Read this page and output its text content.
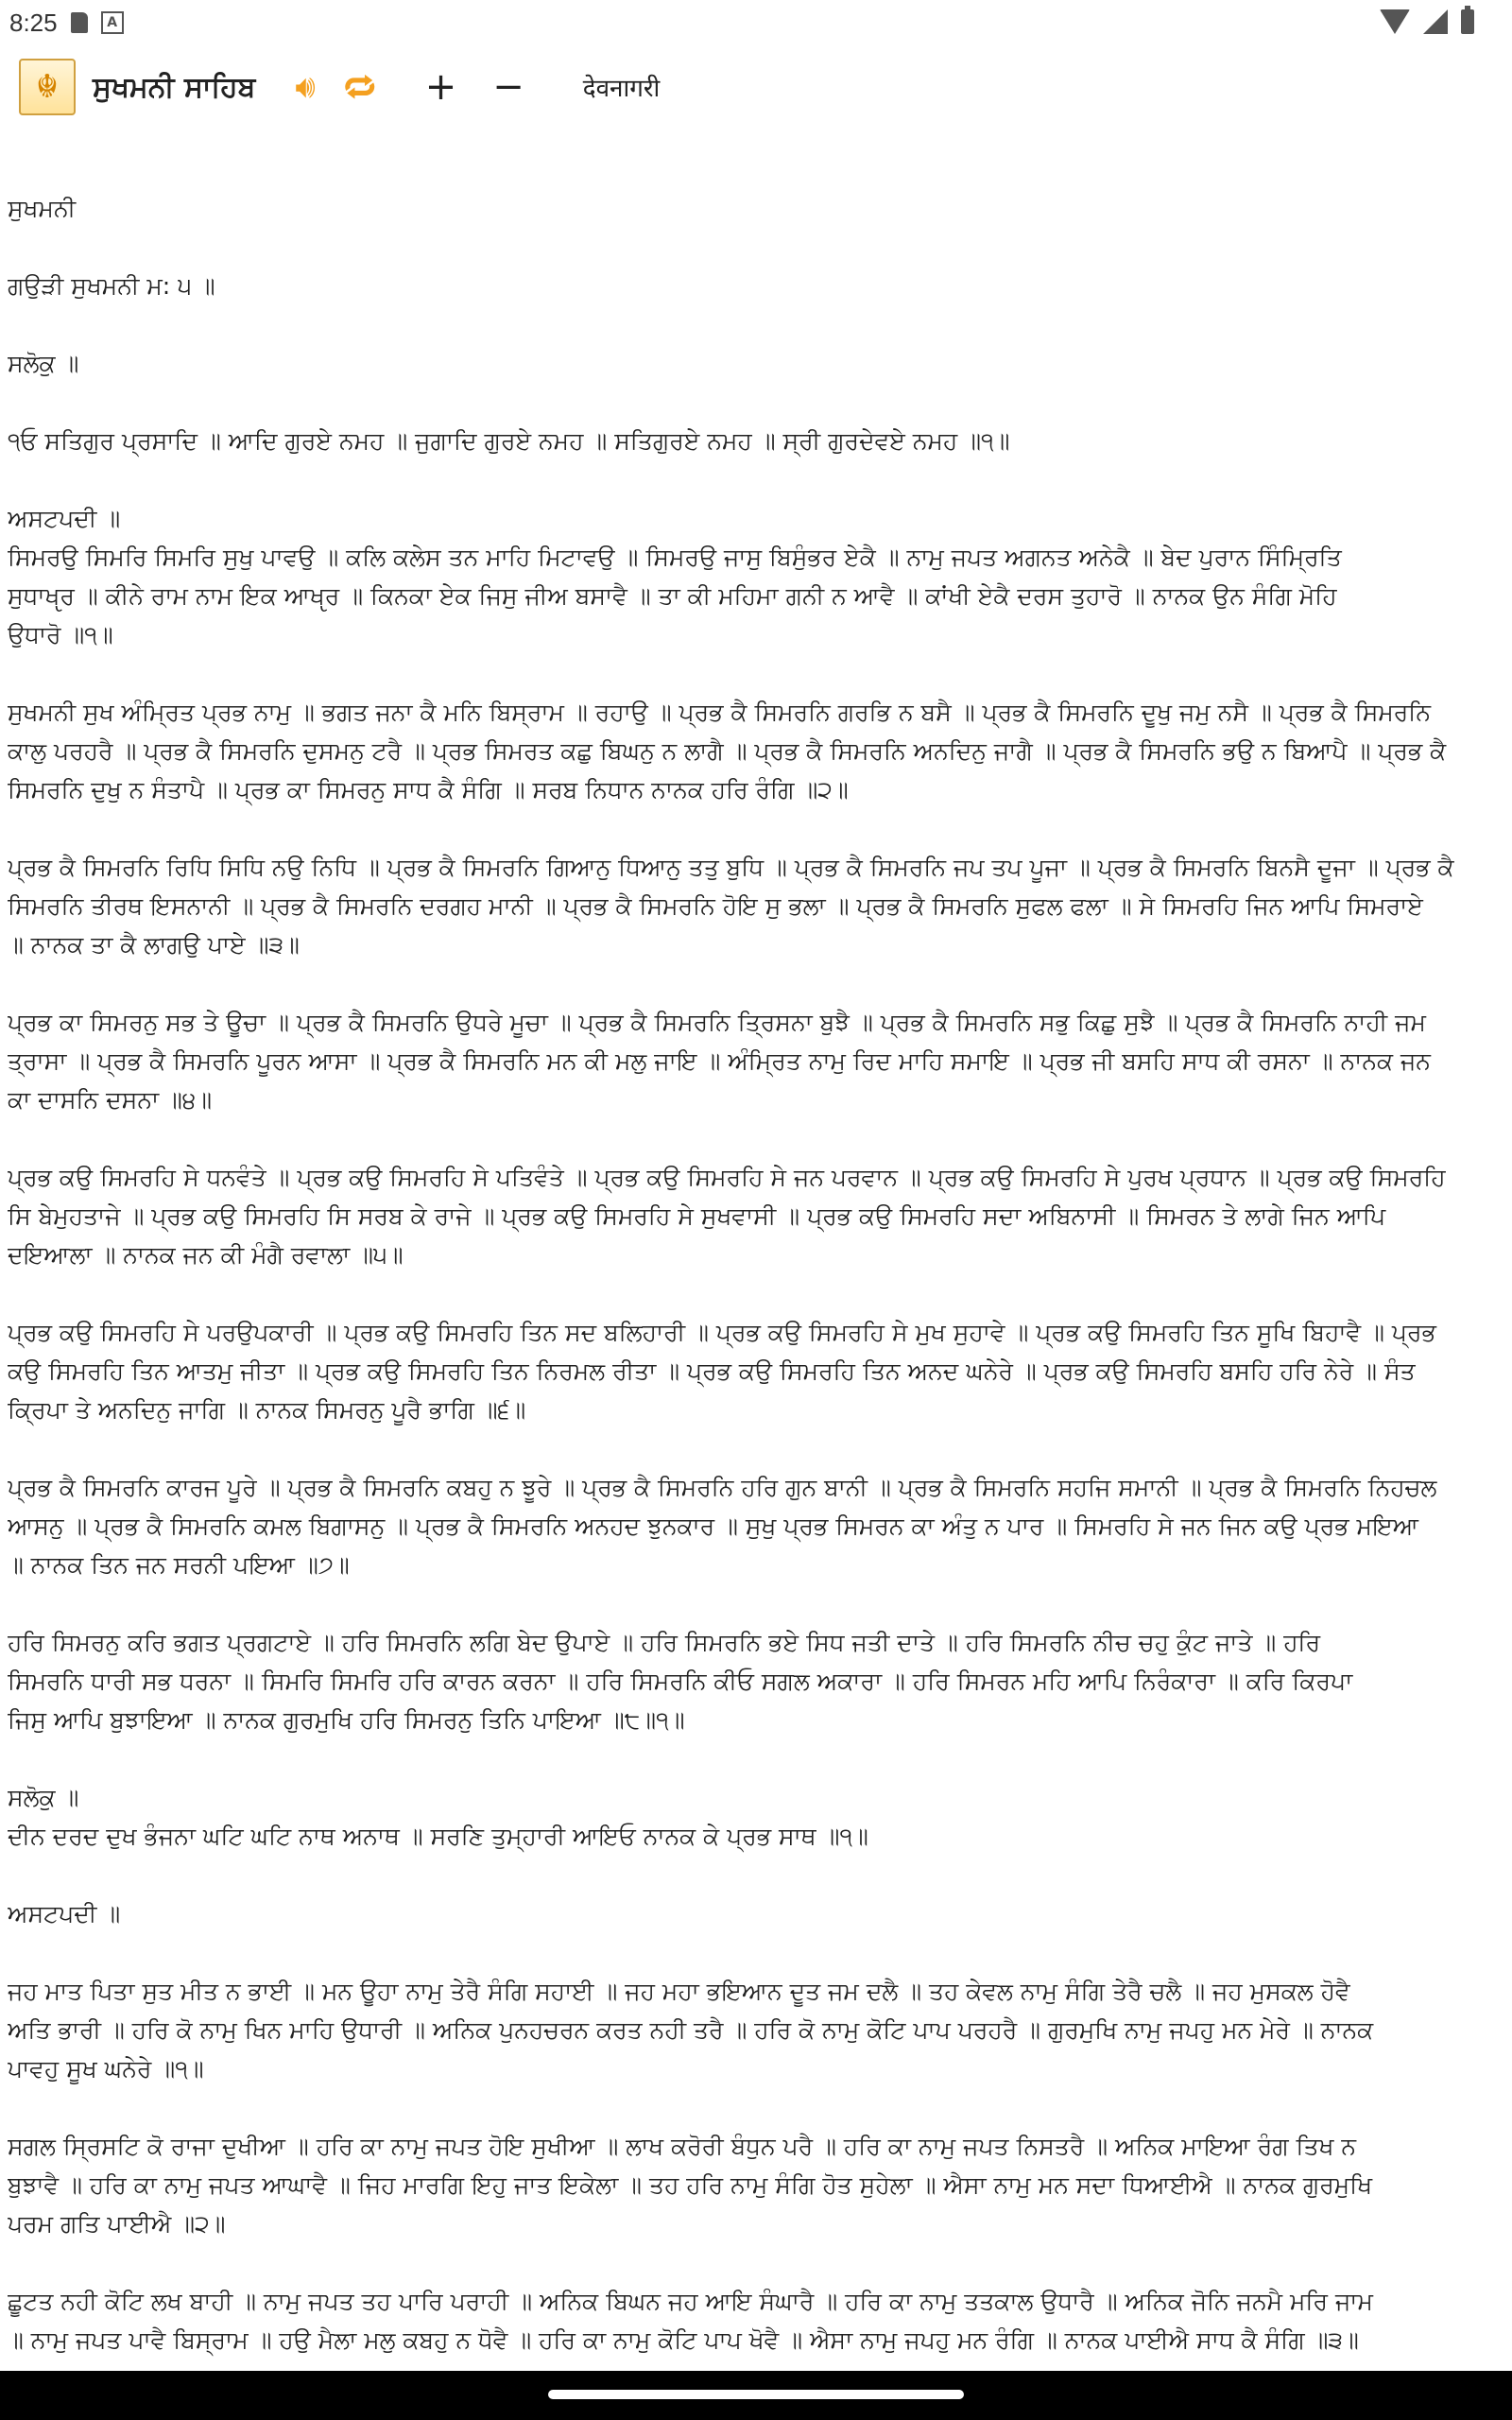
8:25	A
☬	ਸੁਖਮਨੀ ਸਾਹਿਬ 🔊︎ 🔁︎ + − देवनागरी
ਸੁਖਮਨੀ
ਗਉੜੀ ਸੁਖਮਨੀ ਮ: ੫ ॥
ਸਲੋਕੁ ॥
੧ਓ ਸਤਿਗੁਰ ਪ੍ਰਸਾਦਿ ॥ ਆਦਿ ਗੁਰਏ ਨਮਹ ॥ ਜੁਗਾਦਿ ਗੁਰਏ ਨਮਹ ॥ ਸਤਿਗੁਰਏ ਨਮਹ ॥ ਸ੍ਰੀ ਗੁਰਦੇਵਏ ਨਮਹ ॥੧॥
ਅਸਟਪਦੀ ॥
ਸਿਮਰਉ ਸਿਮਰਿ ਸਿਮਰਿ ਸੁਖੁ ਪਾਵਉ ॥ ਕਲਿ ਕਲੇਸ ਤਨ ਮਾਹਿ ਮਿਟਾਵਉ ॥ ਸਿਮਰਉ ਜਾਸੁ ਬਿਸੁੰਭਰ ਏਕੈ ॥ ਨਾਮੁ ਜਪਤ ਅਗਨਤ ਅਨੇਕੈ ॥ ਬੇਦ ਪੁਰਾਨ ਸਿੰਮ੍ਰਿਤਿ
ਸੁਧਾਖੵਰ ॥ ਕੀਨੇ ਰਾਮ ਨਾਮ ਇਕ ਆਖੵਰ ॥ ਕਿਨਕਾ ਏਕ ਜਿਸੁ ਜੀਅ ਬਸਾਵੈ ॥ ਤਾ ਕੀ ਮਹਿਮਾ ਗਨੀ ਨ ਆਵੈ ॥ ਕਾਂਖੀ ਏਕੈ ਦਰਸ ਤੁਹਾਰੋ ॥ ਨਾਨਕ ਉਨ ਸੰਗਿ ਮੋਹਿ
ਉਧਾਰੋ ॥੧॥
ਸੁਖਮਨੀ ਸੁਖ ਅੰਮ੍ਰਿਤ ਪ੍ਰਭ ਨਾਮੁ ॥ ਭਗਤ ਜਨਾ ਕੈ ਮਨਿ ਬਿਸ੍ਰਾਮ ॥ ਰਹਾਉ ॥ ਪ੍ਰਭ ਕੈ ਸਿਮਰਨਿ ਗਰਭਿ ਨ ਬਸੈ ॥ ਪ੍ਰਭ ਕੈ ਸਿਮਰਨਿ ਦੂਖੁ ਜਮੁ ਨਸੈ ॥ ਪ੍ਰਭ ਕੈ ਸਿਮਰਨਿ
ਕਾਲੁ ਪਰਹਰੈ ॥ ਪ੍ਰਭ ਕੈ ਸਿਮਰਨਿ ਦੁਸਮਨੁ ਟਰੈ ॥ ਪ੍ਰਭ ਸਿਮਰਤ ਕਛੁ ਬਿਘਨੁ ਨ ਲਾਗੈ ॥ ਪ੍ਰਭ ਕੈ ਸਿਮਰਨਿ ਅਨਦਿਨੁ ਜਾਗੈ ॥ ਪ੍ਰਭ ਕੈ ਸਿਮਰਨਿ ਭਉ ਨ ਬਿਆਪੈ ॥ ਪ੍ਰਭ ਕੈ
ਸਿਮਰਨਿ ਦੁਖੁ ਨ ਸੰਤਾਪੈ ॥ ਪ੍ਰਭ ਕਾ ਸਿਮਰਨੁ ਸਾਧ ਕੈ ਸੰਗਿ ॥ ਸਰਬ ਨਿਧਾਨ ਨਾਨਕ ਹਰਿ ਰੰਗਿ ॥੨॥
ਪ੍ਰਭ ਕੈ ਸਿਮਰਨਿ ਰਿਧਿ ਸਿਧਿ ਨਉ ਨਿਧਿ ॥ ਪ੍ਰਭ ਕੈ ਸਿਮਰਨਿ ਗਿਆਨੁ ਧਿਆਨੁ ਤਤੁ ਬੁਧਿ ॥ ਪ੍ਰਭ ਕੈ ਸਿਮਰਨਿ ਜਪ ਤਪ ਪੂਜਾ ॥ ਪ੍ਰਭ ਕੈ ਸਿਮਰਨਿ ਬਿਨਸੈ ਦੂਜਾ ॥ ਪ੍ਰਭ ਕੈ
ਸਿਮਰਨਿ ਤੀਰਥ ਇਸਨਾਨੀ ॥ ਪ੍ਰਭ ਕੈ ਸਿਮਰਨਿ ਦਰਗਹ ਮਾਨੀ ॥ ਪ੍ਰਭ ਕੈ ਸਿਮਰਨਿ ਹੋਇ ਸੁ ਭਲਾ ॥ ਪ੍ਰਭ ਕੈ ਸਿਮਰਨਿ ਸੁਫਲ ਫਲਾ ॥ ਸੇ ਸਿਮਰਹਿ ਜਿਨ ਆਪਿ ਸਿਮਰਾਏ
॥ ਨਾਨਕ ਤਾ ਕੈ ਲਾਗਉ ਪਾਏ ॥੩॥
ਪ੍ਰਭ ਕਾ ਸਿਮਰਨੁ ਸਭ ਤੇ ਊਚਾ ॥ ਪ੍ਰਭ ਕੈ ਸਿਮਰਨਿ ਉਧਰੇ ਮੂਚਾ ॥ ਪ੍ਰਭ ਕੈ ਸਿਮਰਨਿ ਤ੍ਰਿਸਨਾ ਬੁਝੈ ॥ ਪ੍ਰਭ ਕੈ ਸਿਮਰਨਿ ਸਭੁ ਕਿਛੁ ਸੁਝੈ ॥ ਪ੍ਰਭ ਕੈ ਸਿਮਰਨਿ ਨਾਹੀ ਜਮ
ਤ੍ਰਾਸਾ ॥ ਪ੍ਰਭ ਕੈ ਸਿਮਰਨਿ ਪੂਰਨ ਆਸਾ ॥ ਪ੍ਰਭ ਕੈ ਸਿਮਰਨਿ ਮਨ ਕੀ ਮਲੁ ਜਾਇ ॥ ਅੰਮ੍ਰਿਤ ਨਾਮੁ ਰਿਦ ਮਾਹਿ ਸਮਾਇ ॥ ਪ੍ਰਭ ਜੀ ਬਸਹਿ ਸਾਧ ਕੀ ਰਸਨਾ ॥ ਨਾਨਕ ਜਨ
ਕਾ ਦਾਸਨਿ ਦਸਨਾ ॥੪॥
ਪ੍ਰਭ ਕਉ ਸਿਮਰਹਿ ਸੇ ਧਨਵੰਤੇ ॥ ਪ੍ਰਭ ਕਉ ਸਿਮਰਹਿ ਸੇ ਪਤਿਵੰਤੇ ॥ ਪ੍ਰਭ ਕਉ ਸਿਮਰਹਿ ਸੇ ਜਨ ਪਰਵਾਨ ॥ ਪ੍ਰਭ ਕਉ ਸਿਮਰਹਿ ਸੇ ਪੁਰਖ ਪ੍ਰਧਾਨ ॥ ਪ੍ਰਭ ਕਉ ਸਿਮਰਹਿ
ਸਿ ਬੇਮੁਹਤਾਜੇ ॥ ਪ੍ਰਭ ਕਉ ਸਿਮਰਹਿ ਸਿ ਸਰਬ ਕੇ ਰਾਜੇ ॥ ਪ੍ਰਭ ਕਉ ਸਿਮਰਹਿ ਸੇ ਸੁਖਵਾਸੀ ॥ ਪ੍ਰਭ ਕਉ ਸਿਮਰਹਿ ਸਦਾ ਅਬਿਨਾਸੀ ॥ ਸਿਮਰਨ ਤੇ ਲਾਗੇ ਜਿਨ ਆਪਿ
ਦਇਆਲਾ ॥ ਨਾਨਕ ਜਨ ਕੀ ਮੰਗੈ ਰਵਾਲਾ ॥੫॥
ਪ੍ਰਭ ਕਉ ਸਿਮਰਹਿ ਸੇ ਪਰਉਪਕਾਰੀ ॥ ਪ੍ਰਭ ਕਉ ਸਿਮਰਹਿ ਤਿਨ ਸਦ ਬਲਿਹਾਰੀ ॥ ਪ੍ਰਭ ਕਉ ਸਿਮਰਹਿ ਸੇ ਮੁਖ ਸੁਹਾਵੇ ॥ ਪ੍ਰਭ ਕਉ ਸਿਮਰਹਿ ਤਿਨ ਸੂਖਿ ਬਿਹਾਵੈ ॥ ਪ੍ਰਭ
ਕਉ ਸਿਮਰਹਿ ਤਿਨ ਆਤਮੁ ਜੀਤਾ ॥ ਪ੍ਰਭ ਕਉ ਸਿਮਰਹਿ ਤਿਨ ਨਿਰਮਲ ਰੀਤਾ ॥ ਪ੍ਰਭ ਕਉ ਸਿਮਰਹਿ ਤਿਨ ਅਨਦ ਘਨੇਰੇ ॥ ਪ੍ਰਭ ਕਉ ਸਿਮਰਹਿ ਬਸਹਿ ਹਰਿ ਨੇਰੇ ॥ ਸੰਤ
ਕ੍ਰਿਪਾ ਤੇ ਅਨਦਿਨੁ ਜਾਗਿ ॥ ਨਾਨਕ ਸਿਮਰਨੁ ਪੂਰੈ ਭਾਗਿ ॥੬॥
ਪ੍ਰਭ ਕੈ ਸਿਮਰਨਿ ਕਾਰਜ ਪੂਰੇ ॥ ਪ੍ਰਭ ਕੈ ਸਿਮਰਨਿ ਕਬਹੁ ਨ ਝੂਰੇ ॥ ਪ੍ਰਭ ਕੈ ਸਿਮਰਨਿ ਹਰਿ ਗੁਨ ਬਾਨੀ ॥ ਪ੍ਰਭ ਕੈ ਸਿਮਰਨਿ ਸਹਜਿ ਸਮਾਨੀ ॥ ਪ੍ਰਭ ਕੈ ਸਿਮਰਨਿ ਨਿਹਚਲ
ਆਸਨੁ ॥ ਪ੍ਰਭ ਕੈ ਸਿਮਰਨਿ ਕਮਲ ਬਿਗਾਸਨੁ ॥ ਪ੍ਰਭ ਕੈ ਸਿਮਰਨਿ ਅਨਹਦ ਝੁਨਕਾਰ ॥ ਸੁਖੁ ਪ੍ਰਭ ਸਿਮਰਨ ਕਾ ਅੰਤੁ ਨ ਪਾਰ ॥ ਸਿਮਰਹਿ ਸੇ ਜਨ ਜਿਨ ਕਉ ਪ੍ਰਭ ਮਇਆ
॥ ਨਾਨਕ ਤਿਨ ਜਨ ਸਰਨੀ ਪਇਆ ॥੭॥
ਹਰਿ ਸਿਮਰਨੁ ਕਰਿ ਭਗਤ ਪ੍ਰਗਟਾਏ ॥ ਹਰਿ ਸਿਮਰਨਿ ਲਗਿ ਬੇਦ ਉਪਾਏ ॥ ਹਰਿ ਸਿਮਰਨਿ ਭਏ ਸਿਧ ਜਤੀ ਦਾਤੇ ॥ ਹਰਿ ਸਿਮਰਨਿ ਨੀਚ ਚਹੁ ਕੁੰਟ ਜਾਤੇ ॥ ਹਰਿ
ਸਿਮਰਨਿ ਧਾਰੀ ਸਭ ਧਰਨਾ ॥ ਸਿਮਰਿ ਸਿਮਰਿ ਹਰਿ ਕਾਰਨ ਕਰਨਾ ॥ ਹਰਿ ਸਿਮਰਨਿ ਕੀਓ ਸਗਲ ਅਕਾਰਾ ॥ ਹਰਿ ਸਿਮਰਨ ਮਹਿ ਆਪਿ ਨਿਰੰਕਾਰਾ ॥ ਕਰਿ ਕਿਰਪਾ
ਜਿਸੁ ਆਪਿ ਬੁਝਾਇਆ ॥ ਨਾਨਕ ਗੁਰਮੁਖਿ ਹਰਿ ਸਿਮਰਨੁ ਤਿਨਿ ਪਾਇਆ ॥੮॥੧॥
ਸਲੋਕੁ ॥
ਦੀਨ ਦਰਦ ਦੁਖ ਭੰਜਨਾ ਘਟਿ ਘਟਿ ਨਾਥ ਅਨਾਥ ॥ ਸਰਣਿ ਤੁਮ੍ਹਾਰੀ ਆਇਓ ਨਾਨਕ ਕੇ ਪ੍ਰਭ ਸਾਥ ॥੧॥
ਅਸਟਪਦੀ ॥
ਜਹ ਮਾਤ ਪਿਤਾ ਸੁਤ ਮੀਤ ਨ ਭਾਈ ॥ ਮਨ ਊਹਾ ਨਾਮੁ ਤੇਰੈ ਸੰਗਿ ਸਹਾਈ ॥ ਜਹ ਮਹਾ ਭਇਆਨ ਦੂਤ ਜਮ ਦਲੈ ॥ ਤਹ ਕੇਵਲ ਨਾਮੁ ਸੰਗਿ ਤੇਰੈ ਚਲੈ ॥ ਜਹ ਮੁਸਕਲ ਹੋਵੈ
ਅਤਿ ਭਾਰੀ ॥ ਹਰਿ ਕੋ ਨਾਮੁ ਖਿਨ ਮਾਹਿ ਉਧਾਰੀ ॥ ਅਨਿਕ ਪੁਨਹਚਰਨ ਕਰਤ ਨਹੀ ਤਰੈ ॥ ਹਰਿ ਕੋ ਨਾਮੁ ਕੋਟਿ ਪਾਪ ਪਰਹਰੈ ॥ ਗੁਰਮੁਖਿ ਨਾਮੁ ਜਪਹੁ ਮਨ ਮੇਰੇ ॥ ਨਾਨਕ
ਪਾਵਹੁ ਸੂਖ ਘਨੇਰੇ ॥੧॥
ਸਗਲ ਸ੍ਰਿਸਟਿ ਕੋ ਰਾਜਾ ਦੁਖੀਆ ॥ ਹਰਿ ਕਾ ਨਾਮੁ ਜਪਤ ਹੋਇ ਸੁਖੀਆ ॥ ਲਾਖ ਕਰੋਰੀ ਬੰਧੁਨ ਪਰੈ ॥ ਹਰਿ ਕਾ ਨਾਮੁ ਜਪਤ ਨਿਸਤਰੈ ॥ ਅਨਿਕ ਮਾਇਆ ਰੰਗ ਤਿਖ ਨ
ਬੁਝਾਵੈ ॥ ਹਰਿ ਕਾ ਨਾਮੁ ਜਪਤ ਆਘਾਵੈ ॥ ਜਿਹ ਮਾਰਗਿ ਇਹੁ ਜਾਤ ਇਕੇਲਾ ॥ ਤਹ ਹਰਿ ਨਾਮੁ ਸੰਗਿ ਹੋਤ ਸੁਹੇਲਾ ॥ ਐਸਾ ਨਾਮੁ ਮਨ ਸਦਾ ਧਿਆਈਐ ॥ ਨਾਨਕ ਗੁਰਮੁਖਿ
ਪਰਮ ਗਤਿ ਪਾਈਐ ॥੨॥
ਛੂਟਤ ਨਹੀ ਕੋਟਿ ਲਖ ਬਾਹੀ ॥ ਨਾਮੁ ਜਪਤ ਤਹ ਪਾਰਿ ਪਰਾਹੀ ॥ ਅਨਿਕ ਬਿਘਨ ਜਹ ਆਇ ਸੰਘਾਰੈ ॥ ਹਰਿ ਕਾ ਨਾਮੁ ਤਤਕਾਲ ਉਧਾਰੈ ॥ ਅਨਿਕ ਜੋਨਿ ਜਨਮੈ ਮਰਿ ਜਾਮ
॥ ਨਾਮੁ ਜਪਤ ਪਾਵੈ ਬਿਸ੍ਰਾਮ ॥ ਹਉ ਮੈਲਾ ਮਲੁ ਕਬਹੁ ਨ ਧੋਵੈ ॥ ਹਰਿ ਕਾ ਨਾਮੁ ਕੋਟਿ ਪਾਪ ਖੋਵੈ ॥ ਐਸਾ ਨਾਮੁ ਜਪਹੁ ਮਨ ਰੰਗਿ ॥ ਨਾਨਕ ਪਾਈਐ ਸਾਧ ਕੈ ਸੰਗਿ ॥੩॥
